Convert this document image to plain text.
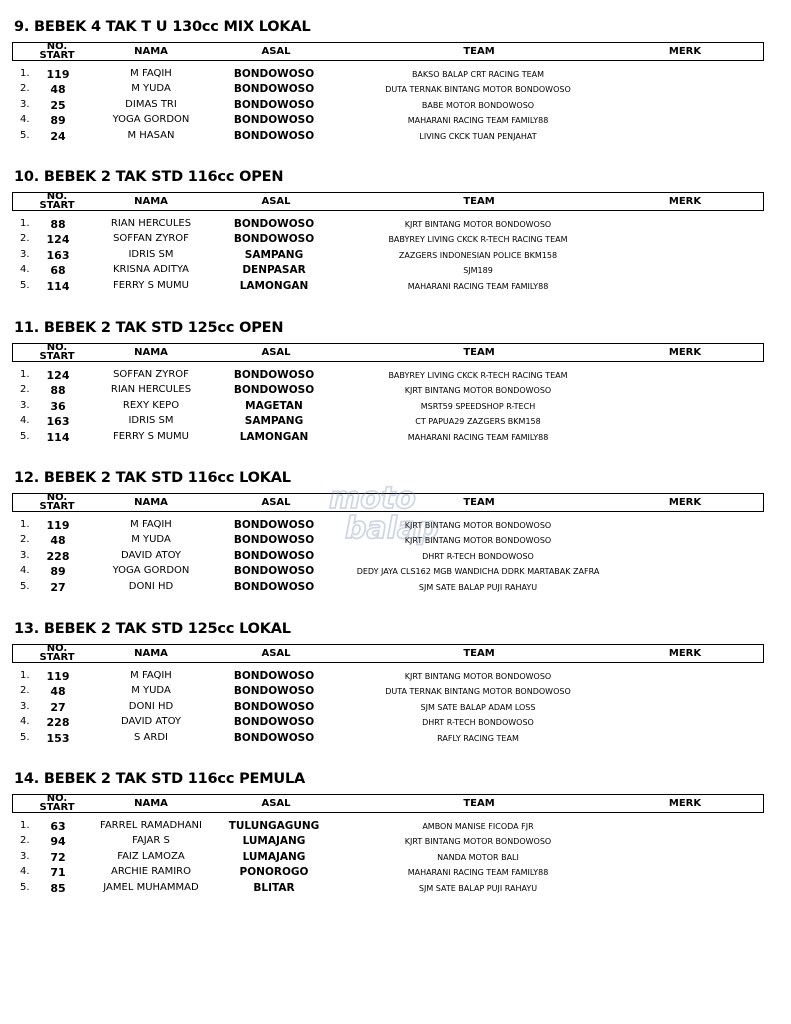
9. BEBEK 4 TAK T U 130cc MIX LOKAL
NO.
START	NAMA	ASAL	TEAM	MERK
1.	119	M FAQIH	BONDOWOSO	BAKSO BALAP CRT RACING TEAM
2.	48	M YUDA	BONDOWOSO	DUTA TERNAK BINTANG MOTOR BONDOWOSO
3.	25	DIMAS TRI	BONDOWOSO	BABE MOTOR BONDOWOSO
4.	89	YOGA GORDON	BONDOWOSO	MAHARANI RACING TEAM FAMILY88
5.	24	M HASAN	BONDOWOSO	LIVING CKCK TUAN PENJAHAT
10. BEBEK 2 TAK STD 116cc OPEN
NO.
START	NAMA	ASAL	TEAM	MERK
1.	88	RIAN HERCULES	BONDOWOSO	KJRT BINTANG MOTOR BONDOWOSO
2.	124	SOFFAN ZYROF	BONDOWOSO	BABYREY LIVING CKCK R-TECH RACING TEAM
3.	163	IDRIS SM	SAMPANG	ZAZGERS INDONESIAN POLICE BKM158
4.	68	KRISNA ADITYA	DENPASAR	SJM189
5.	114	FERRY S MUMU	LAMONGAN	MAHARANI RACING TEAM FAMILY88
11. BEBEK 2 TAK STD 125cc OPEN
NO.
START	NAMA	ASAL	TEAM	MERK
1.	124	SOFFAN ZYROF	BONDOWOSO	BABYREY LIVING CKCK R-TECH RACING TEAM
2.	88	RIAN HERCULES	BONDOWOSO	KJRT BINTANG MOTOR BONDOWOSO
3.	36	REXY KEPO	MAGETAN	MSRT59 SPEEDSHOP R-TECH
4.	163	IDRIS SM	SAMPANG	CT PAPUA29 ZAZGERS BKM158
5.	114	FERRY S MUMU	LAMONGAN	MAHARANI RACING TEAM FAMILY88
12. BEBEK 2 TAK STD 116cc LOKAL
NO.
START	NAMA	ASAL	TEAM	MERK
1.	119	M FAQIH	BONDOWOSO	KJRT BINTANG MOTOR BONDOWOSO
2.	48	M YUDA	BONDOWOSO	KJRT BINTANG MOTOR BONDOWOSO
3.	228	DAVID ATOY	BONDOWOSO	DHRT R-TECH BONDOWOSO
4.	89	YOGA GORDON	BONDOWOSO	DEDY JAYA CLS162 MGB WANDICHA DDRK MARTABAK ZAFRA
5.	27	DONI HD	BONDOWOSO	SJM SATE BALAP PUJI RAHAYU
13. BEBEK 2 TAK STD 125cc LOKAL
NO.
START	NAMA	ASAL	TEAM	MERK
1.	119	M FAQIH	BONDOWOSO	KJRT BINTANG MOTOR BONDOWOSO
2.	48	M YUDA	BONDOWOSO	DUTA TERNAK BINTANG MOTOR BONDOWOSO
3.	27	DONI HD	BONDOWOSO	SJM SATE BALAP ADAM LOSS
4.	228	DAVID ATOY	BONDOWOSO	DHRT R-TECH BONDOWOSO
5.	153	S ARDI	BONDOWOSO	RAFLY RACING TEAM
14. BEBEK 2 TAK STD 116cc PEMULA
NO.
START	NAMA	ASAL	TEAM	MERK
1.	63	FARREL RAMADHANI	TULUNGAGUNG	AMBON MANISE FICODA FJR
2.	94	FAJAR S	LUMAJANG	KJRT BINTANG MOTOR BONDOWOSO
3.	72	FAIZ LAMOZA	LUMAJANG	NANDA MOTOR BALI
4.	71	ARCHIE RAMIRO	PONOROGO	MAHARANI RACING TEAM FAMILY88
5.	85	JAMEL MUHAMMAD	BLITAR	SJM SATE BALAP PUJI RAHAYU
moto
balap
